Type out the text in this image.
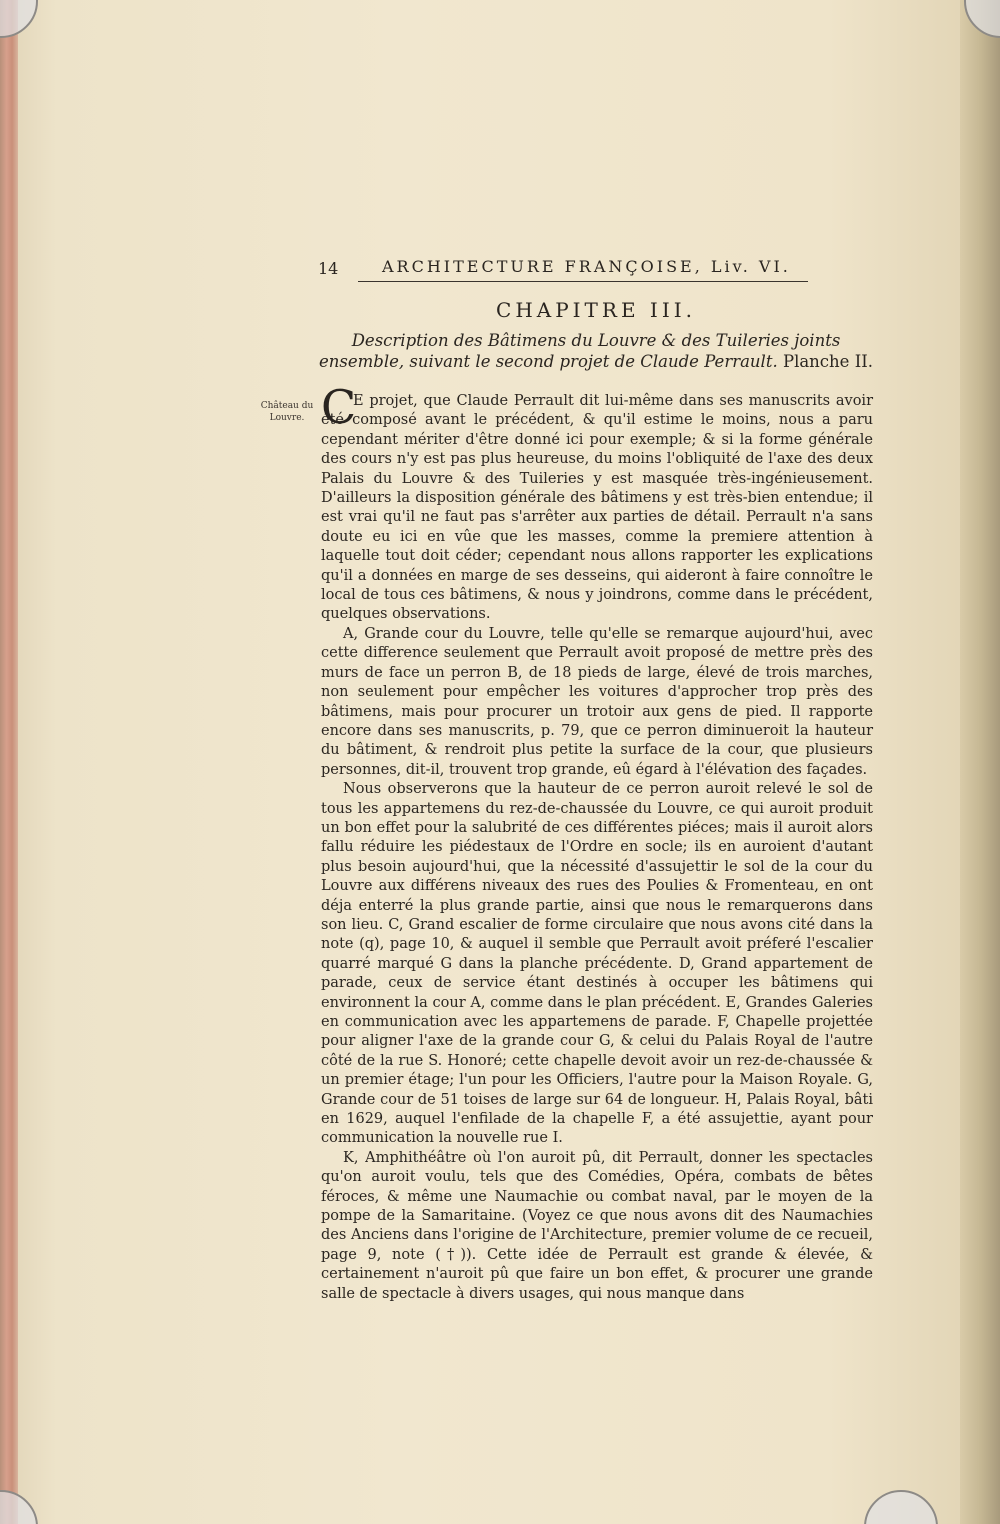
14	ARCHITECTURE FRANÇOISE, Liv. VI.
CHAPITRE III.
Description des Bâtimens du Louvre & des Tuileries joints ensemble, suivant le second projet de Claude Perrault. Planche II.
Château du Louvre. C

E projet, que Claude Perrault dit lui-même dans ses manuscrits avoir été composé avant le précédent, & qu'il estime le moins, nous a paru cependant mériter d'être donné ici pour exemple; & si la forme générale des cours n'y est pas plus heureuse, du moins l'obliquité de l'axe des deux Palais du Louvre & des Tuileries y est masquée très-ingénieusement. D'ailleurs la disposition générale des bâtimens y est très-bien entendue; il est vrai qu'il ne faut pas s'arrêter aux parties de détail. Perrault n'a sans doute eu ici en vûe que les masses, comme la premiere attention à laquelle tout doit céder; cependant nous allons rapporter les explications qu'il a données en marge de ses desseins, qui aideront à faire connoître le local de tous ces bâtimens, & nous y joindrons, comme dans le précédent, quelques observations.

A, Grande cour du Louvre, telle qu'elle se remarque aujourd'hui, avec cette difference seulement que Perrault avoit proposé de mettre près des murs de face un perron B, de 18 pieds de large, élevé de trois marches, non seulement pour empêcher les voitures d'approcher trop près des bâtimens, mais pour procurer un trotoir aux gens de pied. Il rapporte encore dans ses manuscrits, p. 79, que ce perron diminueroit la hauteur du bâtiment, & rendroit plus petite la surface de la cour, que plusieurs personnes, dit-il, trouvent trop grande, eû égard à l'élévation des façades.

Nous observerons que la hauteur de ce perron auroit relevé le sol de tous les appartemens du rez-de-chaussée du Louvre, ce qui auroit produit un bon effet pour la salubrité de ces différentes piéces; mais il auroit alors fallu réduire les piédestaux de l'Ordre en socle; ils en auroient d'autant plus besoin aujourd'hui, que la nécessité d'assujettir le sol de la cour du Louvre aux différens niveaux des rues des Poulies & Fromenteau, en ont déja enterré la plus grande partie, ainsi que nous le remarquerons dans son lieu. C, Grand escalier de forme circulaire que nous avons cité dans la note (q), page 10, & auquel il semble que Perrault avoit préferé l'escalier quarré marqué G dans la planche précédente. D, Grand appartement de parade, ceux de service étant destinés à occuper les bâtimens qui environnent la cour A, comme dans le plan précédent. E, Grandes Galeries en communication avec les appartemens de parade. F, Chapelle projettée pour aligner l'axe de la grande cour G, & celui du Palais Royal de l'autre côté de la rue S. Honoré; cette chapelle devoit avoir un rez-de-chaussée & un premier étage; l'un pour les Officiers, l'autre pour la Maison Royale. G, Grande cour de 51 toises de large sur 64 de longueur. H, Palais Royal, bâti en 1629, auquel l'enfilade de la chapelle F, a été assujettie, ayant pour communication la nouvelle rue I.

K, Amphithéâtre où l'on auroit pû, dit Perrault, donner les spectacles qu'on auroit voulu, tels que des Comédies, Opéra, combats de bêtes féroces, & même une Naumachie ou combat naval, par le moyen de la pompe de la Samaritaine. (Voyez ce que nous avons dit des Naumachies des Anciens dans l'origine de l'Architecture, premier volume de ce recueil, page 9, note (†)). Cette idée de Perrault est grande & élevée, & certainement n'auroit pû que faire un bon effet, & procurer une grande salle de spectacle à divers usages, qui nous manque dans
